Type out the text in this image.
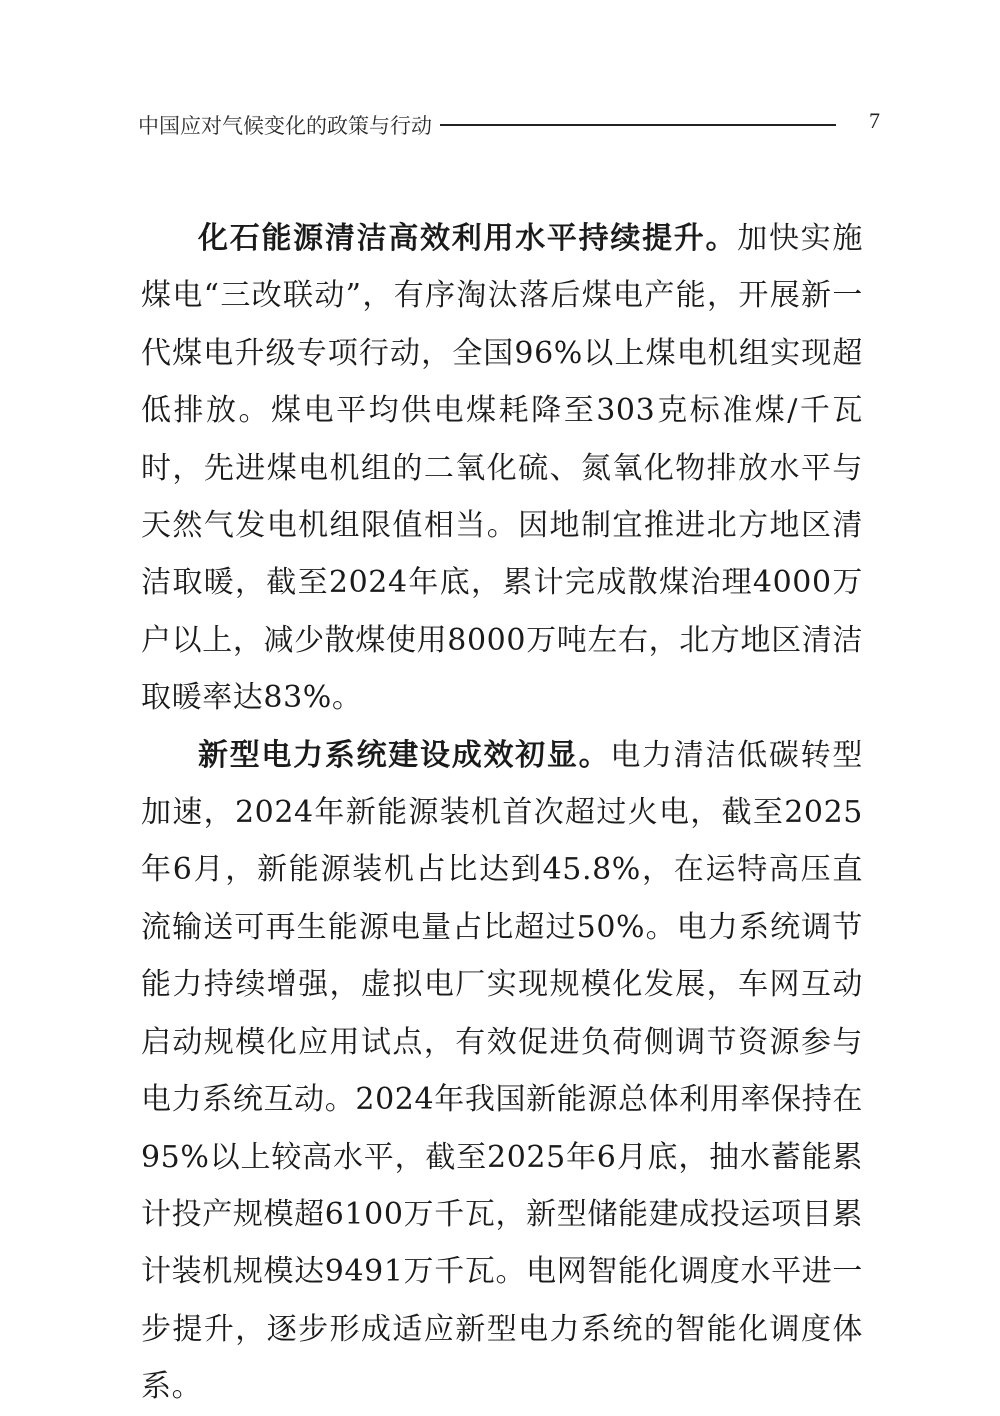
中国应对气候变化的政策与行动	7

化石能源清洁高效利用水平持续提升。加快实施煤电“三改联动”，有序淘汰落后煤电产能，开展新一代煤电升级专项行动，全国96%以上煤电机组实现超低排放。煤电平均供电煤耗降至303克标准煤/千瓦时，先进煤电机组的二氧化硫、氮氧化物排放水平与天然气发电机组限值相当。因地制宜推进北方地区清洁取暖，截至2024年底，累计完成散煤治理4000万户以上，减少散煤使用8000万吨左右，北方地区清洁取暖率达83%。

新型电力系统建设成效初显。电力清洁低碳转型加速，2024年新能源装机首次超过火电，截至2025年6月，新能源装机占比达到45.8%，在运特高压直流输送可再生能源电量占比超过50%。电力系统调节能力持续增强，虚拟电厂实现规模化发展，车网互动启动规模化应用试点，有效促进负荷侧调节资源参与电力系统互动。2024年我国新能源总体利用率保持在95%以上较高水平，截至2025年6月底，抽水蓄能累计投产规模超6100万千瓦，新型储能建成投运项目累计装机规模达9491万千瓦。电网智能化调度水平进一步提升，逐步形成适应新型电力系统的智能化调度体系。
